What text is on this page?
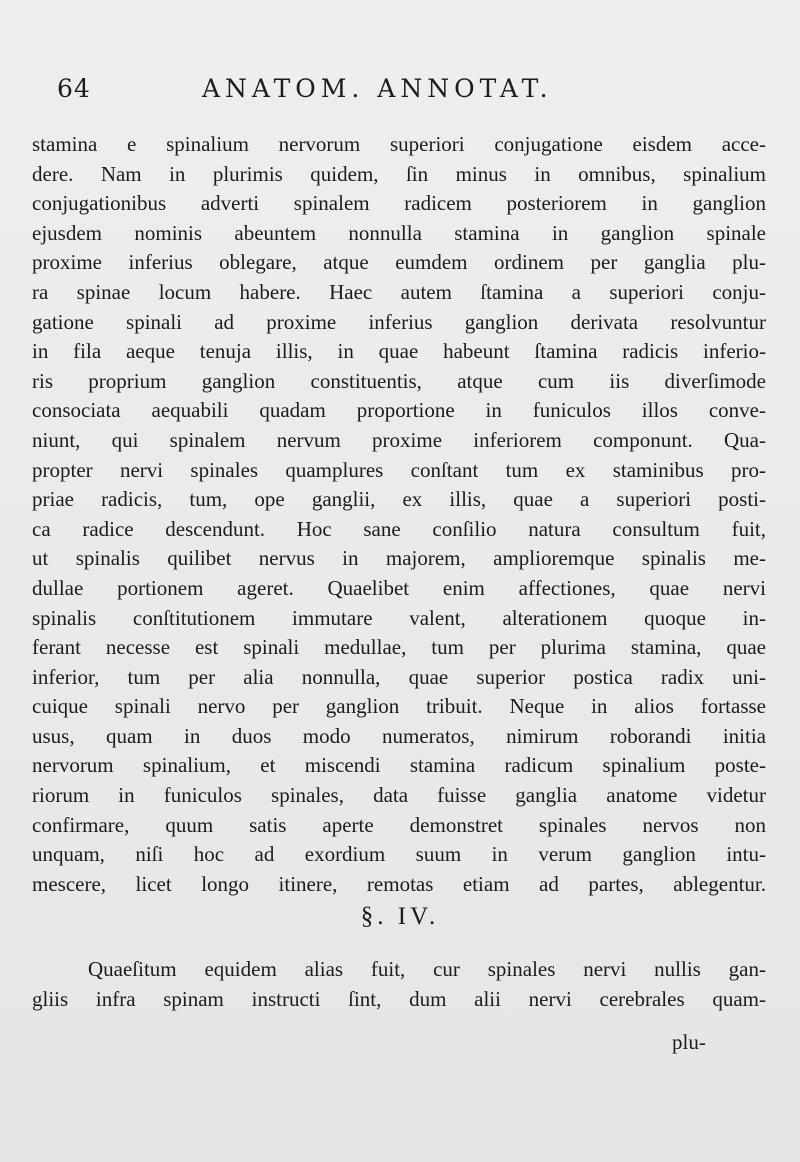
64	ANATOM. ANNOTAT.
stamina e spinalium nervorum superiori conjugatione eisdem acce-
dere. Nam in plurimis quidem, ſin minus in omnibus, spinalium
conjugationibus adverti spinalem radicem posteriorem in ganglion
ejusdem nominis abeuntem nonnulla stamina in ganglion spinale
proxime inferius oblegare, atque eumdem ordinem per ganglia plu-
ra spinae locum habere. Haec autem ſtamina a superiori conju-
gatione spinali ad proxime inferius ganglion derivata resolvuntur
in fila aeque tenuja illis, in quae habeunt ſtamina radicis inferio-
ris proprium ganglion constituentis, atque cum iis diverſimode
consociata aequabili quadam proportione in funiculos illos conve-
niunt, qui spinalem nervum proxime inferiorem componunt. Qua-
propter nervi spinales quamplures conſtant tum ex staminibus pro-
priae radicis, tum, ope ganglii, ex illis, quae a superiori posti-
ca radice descendunt. Hoc sane conſilio natura consultum fuit,
ut spinalis quilibet nervus in majorem, amplioremque spinalis me-
dullae portionem ageret. Quaelibet enim affectiones, quae nervi
spinalis conſtitutionem immutare valent, alterationem quoque in-
ferant necesse est spinali medullae, tum per plurima stamina, quae
inferior, tum per alia nonnulla, quae superior postica radix uni-
cuique spinali nervo per ganglion tribuit. Neque in alios fortasse
usus, quam in duos modo numeratos, nimirum roborandi initia
nervorum spinalium, et miscendi stamina radicum spinalium poste-
riorum in funiculos spinales, data fuisse ganglia anatome videtur
confirmare, quum satis aperte demonstret spinales nervos non
unquam, niſi hoc ad exordium suum in verum ganglion intu-
mescere, licet longo itinere, remotas etiam ad partes, ablegentur.
§. IV.
Quaeſitum equidem alias fuit, cur spinales nervi nullis gan-
gliis infra spinam instructi ſint, dum alii nervi cerebrales quam-
plu-
